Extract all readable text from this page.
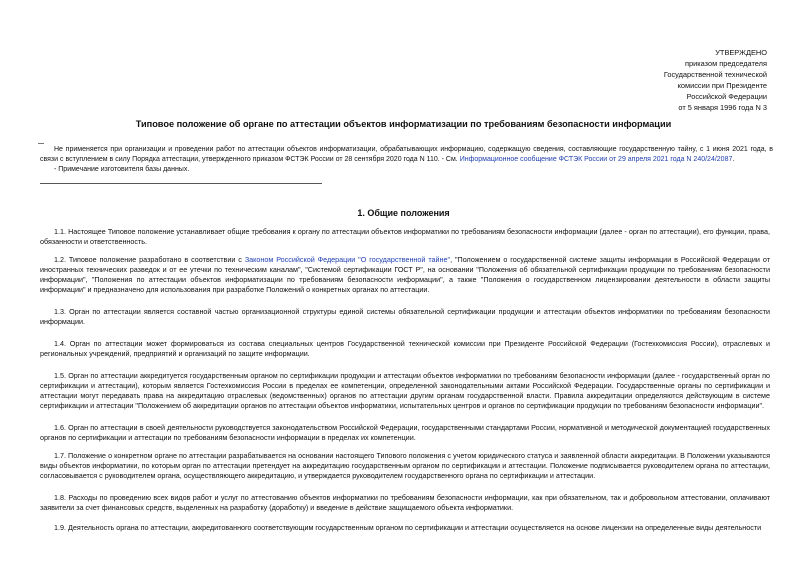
УТВЕРЖДЕНО
приказом председателя
Государственной технической
комиссии при Президенте
Российской Федерации
от 5 января 1996 года N 3
Типовое положение об органе по аттестации объектов информатизации по требованиям безопасности информации
Не применяется при организации и проведении работ по аттестации объектов информатизации, обрабатывающих информацию, содержащую сведения, составляющие государственную тайну, с 1 июня 2021 года, в связи с вступлением в силу Порядка аттестации, утвержденного приказом ФСТЭК России от 28 сентября 2020 года N 110. - См. Информационное сообщение ФСТЭК России от 29 апреля 2021 года N 240/24/2087.
- Примечание изготовителя базы данных.
1. Общие положения
1.1. Настоящее Типовое положение устанавливает общие требования к органу по аттестации объектов информатики по требованиям безопасности информации (далее - орган по аттестации), его функции, права, обязанности и ответственность.
1.2. Типовое положение разработано в соответствии с Законом Российской Федерации "О государственной тайне", "Положением о государственной системе защиты информации в Российской Федерации от иностранных технических разведок и от ее утечки по техническим каналам", "Системой сертификации ГОСТ Р", на основании "Положения об обязательной сертификации продукции по требованиям безопасности информации", "Положения по аттестации объектов информатизации по требованиям безопасности информации", а также "Положения о государственном лицензировании деятельности в области защиты информации" и предназначено для использования при разработке Положений о конкретных органах по аттестации.
1.3. Орган по аттестации является составной частью организационной структуры единой системы обязательной сертификации продукции и аттестации объектов информатики по требованиям безопасности информации.
1.4. Орган по аттестации может формироваться из состава специальных центров Государственной технической комиссии при Президенте Российской Федерации (Гостехкомиссия России), отраслевых и региональных учреждений, предприятий и организаций по защите информации.
1.5. Орган по аттестации аккредитуется государственным органом по сертификации продукции и аттестации объектов информатики по требованиям безопасности информации (далее - государственный орган по сертификации и аттестации), которым является Гостехкомиссия России в пределах ее компетенции, определенной законодательными актами Российской Федерации. Государственные органы по сертификации и аттестации могут передавать права на аккредитацию отраслевых (ведомственных) органов по аттестации другим органам государственной власти. Правила аккредитации определяются действующим в системе сертификации и аттестации "Положением об аккредитации органов по аттестации объектов информатики, испытательных центров и органов по сертификации продукции по требованиям безопасности информации".
1.6. Орган по аттестации в своей деятельности руководствуется законодательством Российской Федерации, государственными стандартами России, нормативной и методической документацией государственных органов по сертификации и аттестации по требованиям безопасности информации в пределах их компетенции.
1.7. Положение о конкретном органе по аттестации разрабатывается на основании настоящего Типового положения с учетом юридического статуса и заявленной области аккредитации. В Положении указываются виды объектов информатики, по которым орган по аттестации претендует на аккредитацию государственным органом по сертификации и аттестации. Положение подписывается руководителем органа по аттестации, согласовывается с руководителем органа, осуществляющего аккредитацию, и утверждается руководителем государственного органа по сертификации и аттестации.
1.8. Расходы по проведению всех видов работ и услуг по аттестованию объектов информатики по требованиям безопасности информации, как при обязательном, так и добровольном аттестовании, оплачивают заявители за счет финансовых средств, выделенных на разработку (доработку) и введение в действие защищаемого объекта информатики.
1.9. Деятельность органа по аттестации, аккредитованного соответствующим государственным органом по сертификации и аттестации осуществляется на основе лицензии на определенные виды деятельности
